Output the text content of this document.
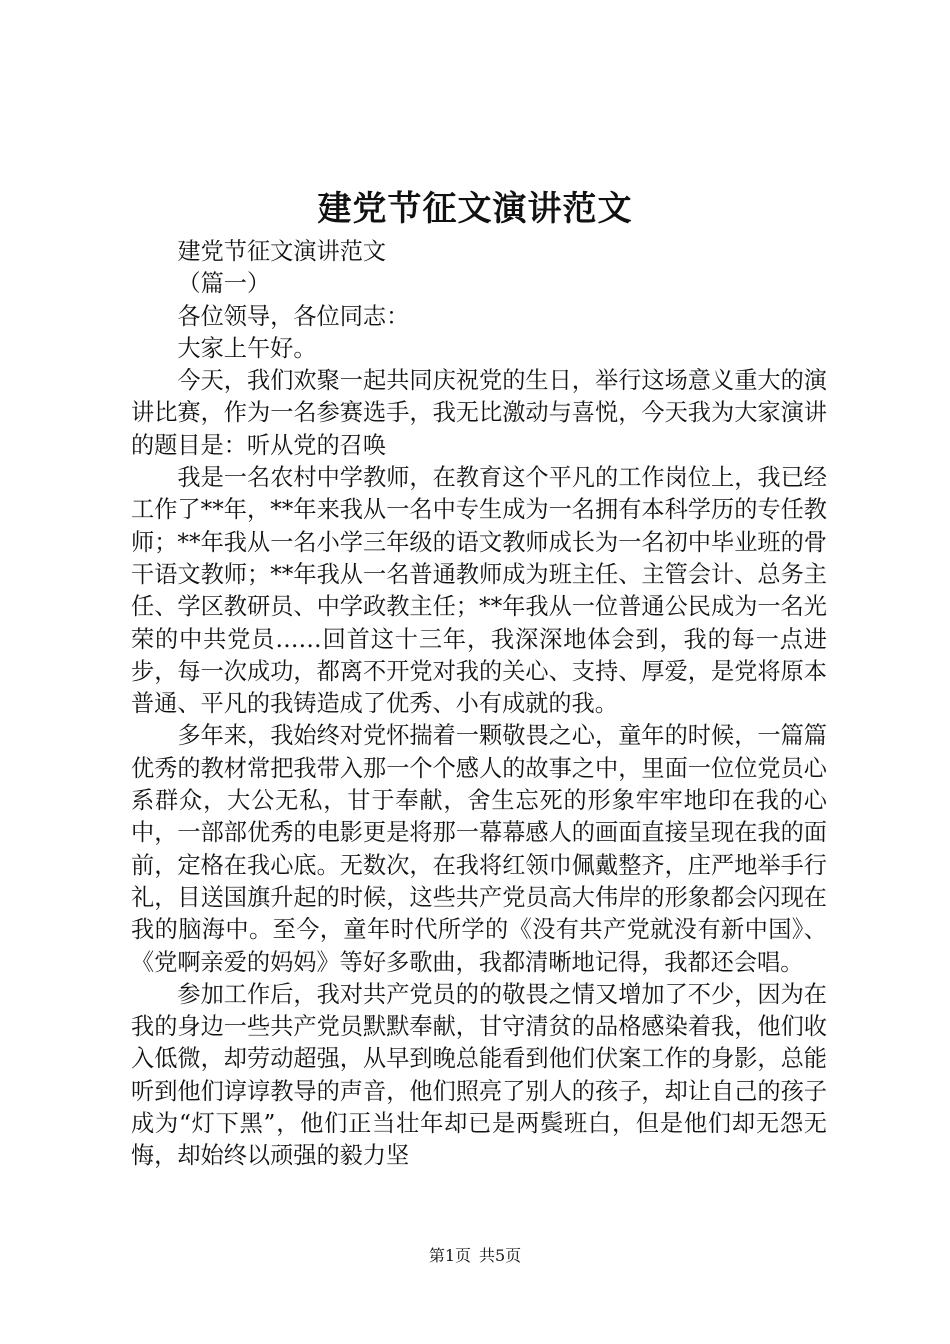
建党节征文演讲范文

建党节征文演讲范文

（篇一）

各位领导，各位同志：

大家上午好。

今天，我们欢聚一起共同庆祝党的生日，举行这场意义重大的演讲比赛，作为一名参赛选手，我无比激动与喜悦，今天我为大家演讲的题目是：听从党的召唤

我是一名农村中学教师，在教育这个平凡的工作岗位上，我已经工作了**年，**年来我从一名中专生成为一名拥有本科学历的专任教师；**年我从一名小学三年级的语文教师成长为一名初中毕业班的骨干语文教师；**年我从一名普通教师成为班主任、主管会计、总务主任、学区教研员、中学政教主任；**年我从一位普通公民成为一名光荣的中共党员……回首这十三年，我深深地体会到，我的每一点进步，每一次成功，都离不开党对我的关心、支持、厚爱，是党将原本普通、平凡的我铸造成了优秀、小有成就的我。

多年来，我始终对党怀揣着一颗敬畏之心，童年的时候，一篇篇优秀的教材常把我带入那一个个感人的故事之中，里面一位位党员心系群众，大公无私，甘于奉献，舍生忘死的形象牢牢地印在我的心中，一部部优秀的电影更是将那一幕幕感人的画面直接呈现在我的面前，定格在我心底。无数次，在我将红领巾佩戴整齐，庄严地举手行礼，目送国旗升起的时候，这些共产党员高大伟岸的形象都会闪现在我的脑海中。至今，童年时代所学的《没有共产党就没有新中国》、《党啊亲爱的妈妈》等好多歌曲，我都清晰地记得，我都还会唱。

参加工作后，我对共产党员的的敬畏之情又增加了不少，因为在我的身边一些共产党员默默奉献，甘守清贫的品格感染着我，他们收入低微，却劳动超强，从早到晚总能看到他们伏案工作的身影，总能听到他们谆谆教导的声音，他们照亮了别人的孩子，却让自己的孩子成为“灯下黑”，他们正当壮年却已是两鬓班白，但是他们却无怨无悔，却始终以顽强的毅力坚

第1页 共5页
